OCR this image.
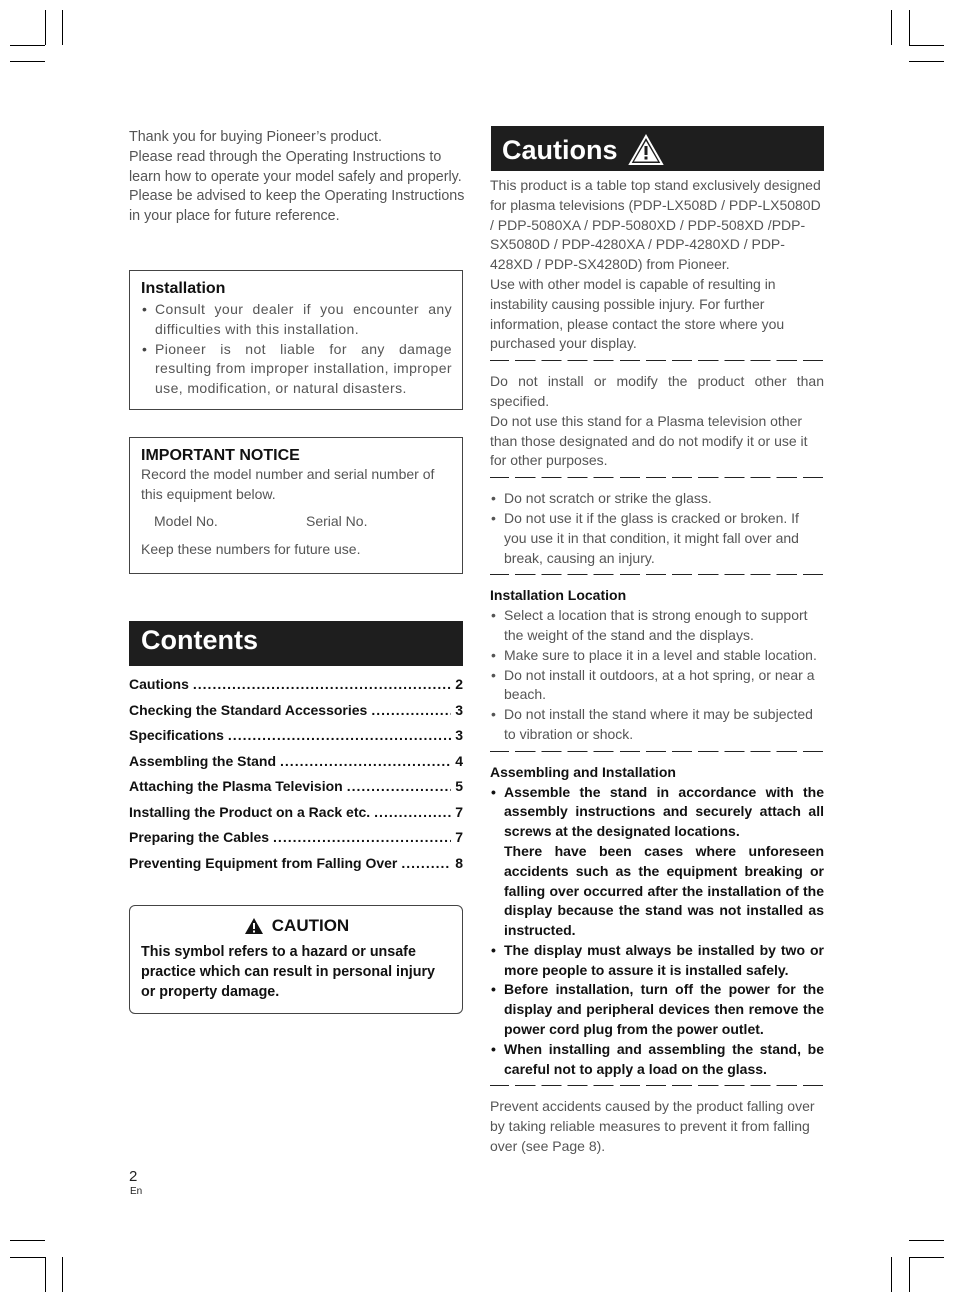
Thank you for buying Pioneer’s product.

Please read through the Operating Instructions to learn how to operate your model safely and properly.

Please be advised to keep the Operating Instructions in your place for future reference.

Installation
• Consult your dealer if you encounter any difficulties with this installation.
• Pioneer is not liable for any damage resulting from improper installation, improper use, modification, or natural disasters.
IMPORTANT NOTICE
Record the model number and serial number of this equipment below.
Model No.	Serial No.
Keep these numbers for future use.
Contents
Cautions .....	2
Checking the Standard Accessories .....	3
Specifications .....	3
Assembling the Stand .....	4
Attaching the Plasma Television .....	5
Installing the Product on a Rack etc. .....	7
Preparing the Cables .....	7
Preventing Equipment from Falling Over .....	8
CAUTION
This symbol refers to a hazard or unsafe practice which can result in personal injury or property damage.
Cautions

This product is a table top stand exclusively designed for plasma televisions (PDP-LX508D / PDP-LX5080D / PDP-5080XA / PDP-5080XD / PDP-508XD /PDP-SX5080D / PDP-4280XA / PDP-4280XD / PDP-428XD / PDP-SX4280D) from Pioneer.

Use with other model is capable of resulting in instability causing possible injury. For further information, please contact the store where you purchased your display.

Do not install or modify the product other than specified.

Do not use this stand for a Plasma television other than those designated and do not modify it or use it for other purposes.

• Do not scratch or strike the glass.
• Do not use it if the glass is cracked or broken. If you use it in that condition, it might fall over and break, causing an injury.
Installation Location
• Select a location that is strong enough to support the weight of the stand and the displays.
• Make sure to place it in a level and stable location.
• Do not install it outdoors, at a hot spring, or near a beach.
• Do not install the stand where it may be subjected to vibration or shock.
Assembling and Installation
• Assemble the stand in accordance with the assembly instructions and securely attach all screws at the designated locations.
There have been cases where unforeseen accidents such as the equipment breaking or falling over occurred after the installation of the display because the stand was not installed as instructed.
• The display must always be installed by two or more people to assure it is installed safely.
• Before installation, turn off the power for the display and peripheral devices then remove the power cord plug from the power outlet.
• When installing and assembling the stand, be careful not to apply a load on the glass.

Prevent accidents caused by the product falling over by taking reliable measures to prevent it from falling over (see Page 8).

2
En
